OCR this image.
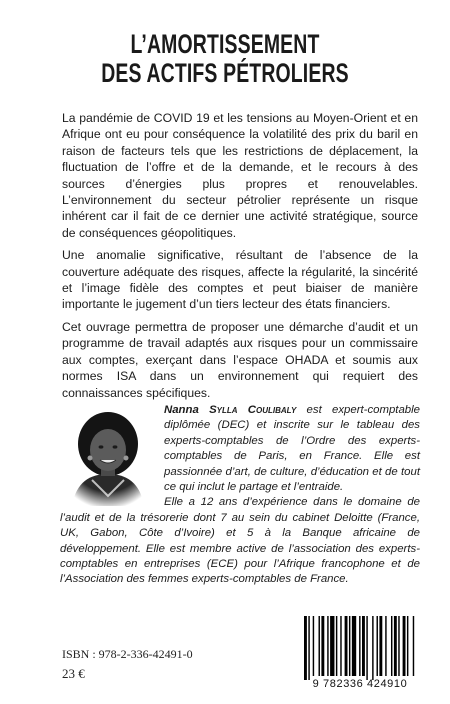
L’AMORTISSEMENT
DES ACTIFS PÉTROLIERS

La pandémie de COVID 19 et les tensions au Moyen-Orient et en Afrique ont eu pour conséquence la volatilité des prix du baril en raison de facteurs tels que les restrictions de déplacement, la fluctuation de l’offre et de la demande, et le recours à des sources d’énergies plus propres et renouvelables. L’environnement du secteur pétrolier représente un risque inhérent car il fait de ce dernier une activité stratégique, source de conséquences géopolitiques.

Une anomalie significative, résultant de l’absence de la couverture adéquate des risques, affecte la régularité, la sincérité et l’image fidèle des comptes et peut biaiser de manière importante le jugement d’un tiers lecteur des états financiers.

Cet ouvrage permettra de proposer une démarche d’audit et un programme de travail adaptés aux risques pour un commissaire aux comptes, exerçant dans l’espace OHADA et soumis aux normes ISA dans un environnement qui requiert des connaissances spécifiques.

Nanna Sylla Coulibaly est expert-comptable diplômée (DEC) et inscrite sur le tableau des experts-comptables de l’Ordre des experts-comptables de Paris, en France. Elle est passionnée d’art, de culture, d’éducation et de tout ce qui inclut le partage et l’entraide.

Elle a 12 ans d’expérience dans le domaine de l’audit et de la trésorerie dont 7 au sein du cabinet Deloitte (France, UK, Gabon, Côte d’Ivoire) et 5 à la Banque africaine de développement. Elle est membre active de l’association des experts-comptables en entreprises (ECE) pour l’Afrique francophone et de l’Association des femmes experts-comptables de France.

ISBN : 978-2-336-42491-0
23 €
9 782336 424910
